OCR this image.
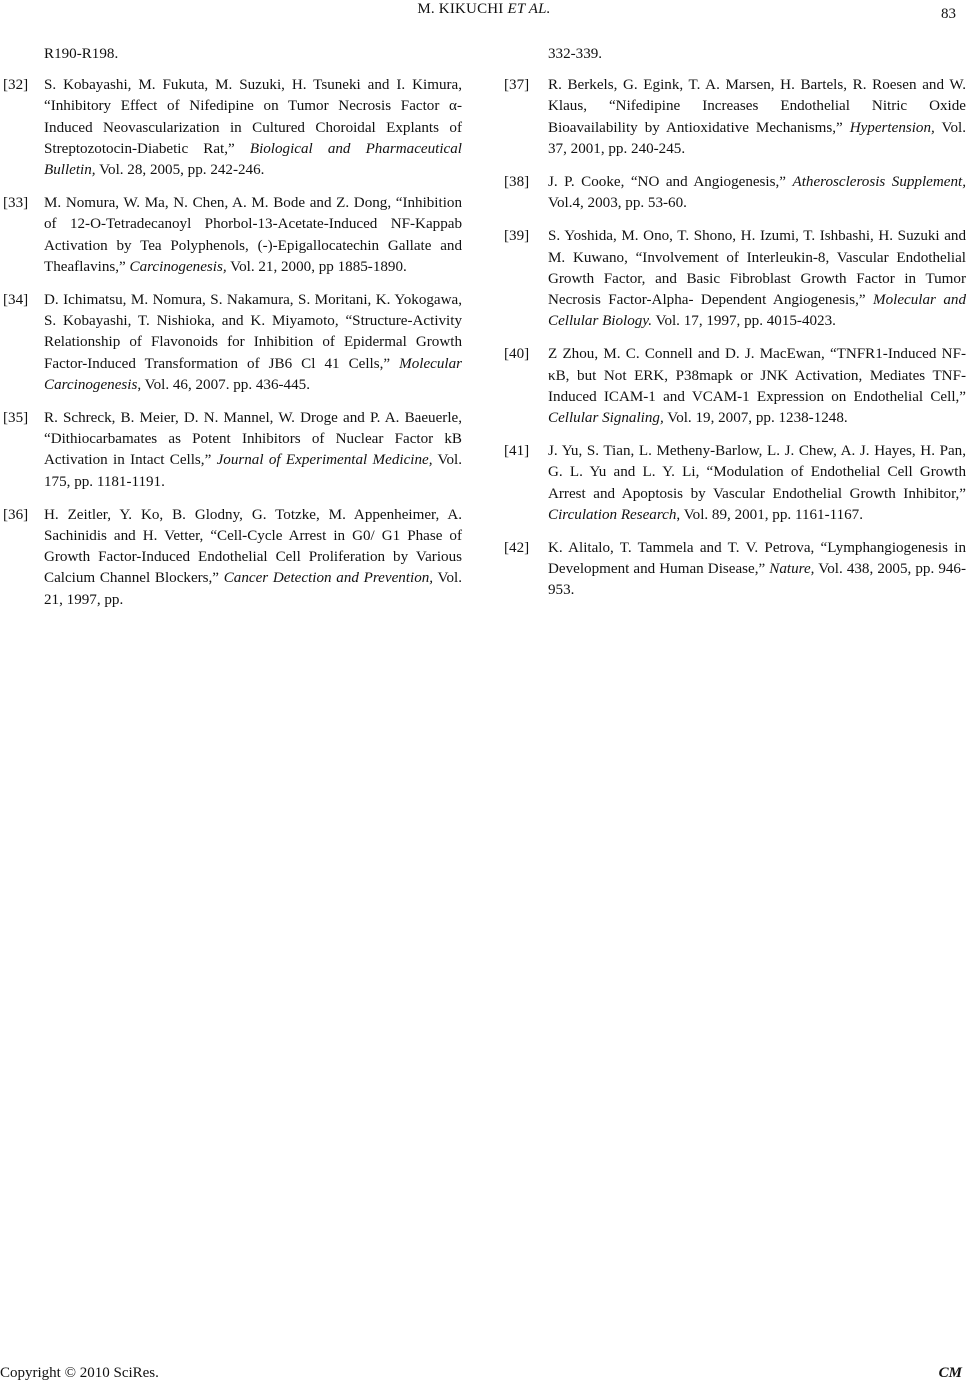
M. KIKUCHI ET AL.	83
R190-R198.
[32] S. Kobayashi, M. Fukuta, M. Suzuki, H. Tsuneki and I. Kimura, “Inhibitory Effect of Nifedipine on Tumor Necrosis Factor α-Induced Neovascularization in Cultured Choroidal Explants of Streptozotocin-Diabetic Rat,” Biological and Pharmaceutical Bulletin, Vol. 28, 2005, pp. 242-246.
[33] M. Nomura, W. Ma, N. Chen, A. M. Bode and Z. Dong, “Inhibition of 12-O-Tetradecanoyl Phorbol-13-Acetate-Induced NF-Kappab Activation by Tea Polyphenols, (-)-Epigallocatechin Gallate and Theaflavins,” Carcinogenesis, Vol. 21, 2000, pp 1885-1890.
[34] D. Ichimatsu, M. Nomura, S. Nakamura, S. Moritani, K. Yokogawa, S. Kobayashi, T. Nishioka, and K. Miyamoto, “Structure-Activity Relationship of Flavonoids for Inhibition of Epidermal Growth Factor-Induced Transformation of JB6 Cl 41 Cells,” Molecular Carcinogenesis, Vol. 46, 2007. pp. 436-445.
[35] R. Schreck, B. Meier, D. N. Mannel, W. Droge and P. A. Baeuerle, “Dithiocarbamates as Potent Inhibitors of Nuclear Factor kB Activation in Intact Cells,” Journal of Experimental Medicine, Vol. 175, pp. 1181-1191.
[36] H. Zeitler, Y. Ko, B. Glodny, G. Totzke, M. Appenheimer, A. Sachinidis and H. Vetter, “Cell-Cycle Arrest in G0/ G1 Phase of Growth Factor-Induced Endothelial Cell Proliferation by Various Calcium Channel Blockers,” Cancer Detection and Prevention, Vol. 21, 1997, pp.
332-339.
[37] R. Berkels, G. Egink, T. A. Marsen, H. Bartels, R. Roesen and W. Klaus, “Nifedipine Increases Endothelial Nitric Oxide Bioavailability by Antioxidative Mechanisms,” Hypertension, Vol. 37, 2001, pp. 240-245.
[38] J. P. Cooke, “NO and Angiogenesis,” Atherosclerosis Supplement, Vol.4, 2003, pp. 53-60.
[39] S. Yoshida, M. Ono, T. Shono, H. Izumi, T. Ishbashi, H. Suzuki and M. Kuwano, “Involvement of Interleukin-8, Vascular Endothelial Growth Factor, and Basic Fibroblast Growth Factor in Tumor Necrosis Factor-Alpha- Dependent Angiogenesis,” Molecular and Cellular Biology. Vol. 17, 1997, pp. 4015-4023.
[40] Z Zhou, M. C. Connell and D. J. MacEwan, “TNFR1-Induced NF-κB, but Not ERK, P38mapk or JNK Activation, Mediates TNF-Induced ICAM-1 and VCAM-1 Expression on Endothelial Cell,” Cellular Signaling, Vol. 19, 2007, pp. 1238-1248.
[41] J. Yu, S. Tian, L. Metheny-Barlow, L. J. Chew, A. J. Hayes, H. Pan, G. L. Yu and L. Y. Li, “Modulation of Endothelial Cell Growth Arrest and Apoptosis by Vascular Endothelial Growth Inhibitor,” Circulation Research, Vol. 89, 2001, pp. 1161-1167.
[42] K. Alitalo, T. Tammela and T. V. Petrova, “Lymphangiogenesis in Development and Human Disease,” Nature, Vol. 438, 2005, pp. 946-953.
Copyright © 2010 SciRes.	CM
